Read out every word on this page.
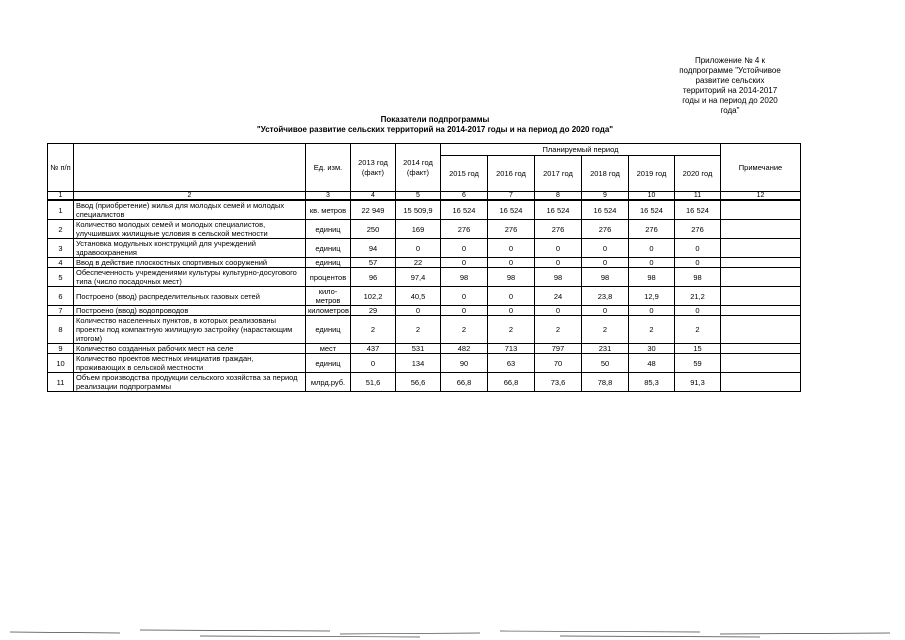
Приложение № 4 к
подпрограмме "Устойчивое
развитие сельских
территорий на 2014-2017
годы и на период до 2020
года"
Показатели подпрограммы
"Устойчивое развитие сельских территорий на 2014-2017 годы и на период до 2020 года"
№ п/п		Ед. изм.	2013 год (факт)	2014 год (факт)	Планируемый период						Примечание
					2015 год	2016 год	2017 год	2018 год	2019 год	2020 год	
1	2	3	4	5	6	7	8	9	10	11	12
1	Ввод (приобретение) жилья для молодых семей и молодых специалистов	кв. метров	22 949	15 509,9	16 524	16 524	16 524	16 524	16 524	16 524	
2	Количество молодых семей и молодых специалистов, улучшивших жилищные условия в сельской местности	единиц	250	169	276	276	276	276	276	276	
3	Установка модульных конструкций для учреждений здравоохранения	единиц	94	0	0	0	0	0	0	0	
4	Ввод в действие плоскостных спортивных сооружений	единиц	57	22	0	0	0	0	0	0	
5	Обеспеченность учреждениями культуры культурно-досугового типа (число посадочных мест)	процентов	96	97,4	98	98	98	98	98	98	
6	Построено (ввод) распределительных газовых сетей	кило-метров	102,2	40,5	0	0	24	23,8	12,9	21,2	
7	Построено (ввод) водопроводов	километров	29	0	0	0	0	0	0	0	
8	Количество населенных пунктов, в которых реализованы проекты под компактную жилищную застройку (нарастающим итогом)	единиц	2	2	2	2	2	2	2	2	
9	Количество созданных рабочих мест на селе	мест	437	531	482	713	797	231	30	15	
10	Количество проектов местных инициатив граждан, проживающих в сельской местности	единиц	0	134	90	63	70	50	48	59	
11	Объем производства продукции сельского хозяйства за период реализации подпрограммы	млрд.руб.	51,6	56,6	66,8	66,8	73,6	78,8	85,3	91,3	
